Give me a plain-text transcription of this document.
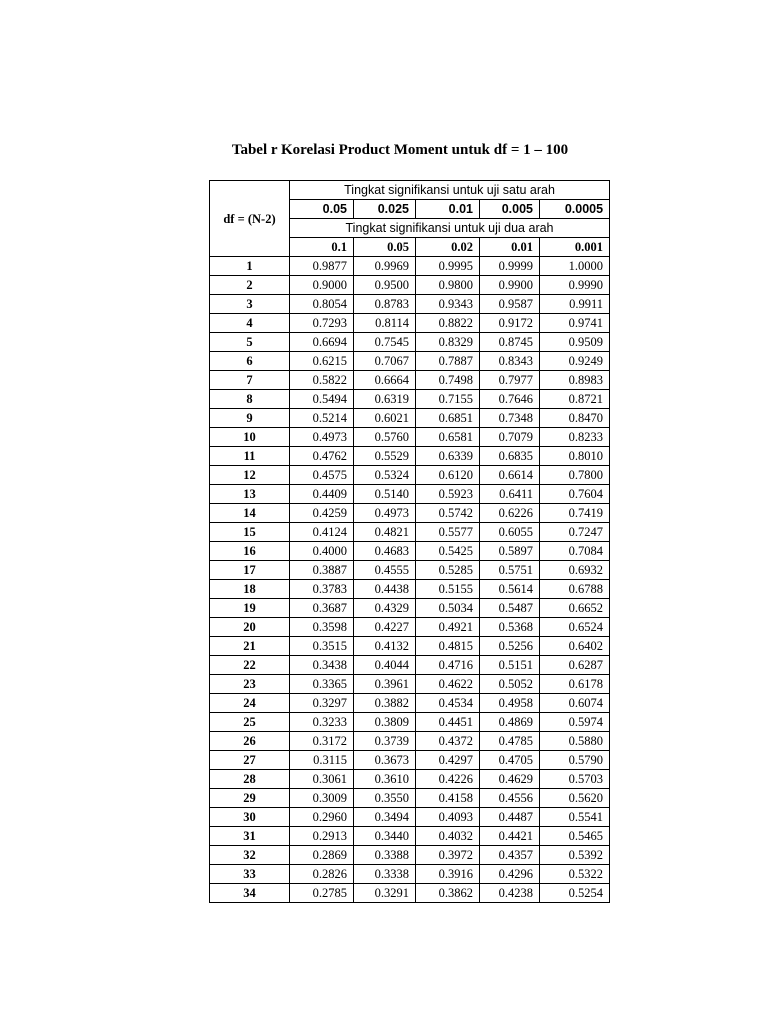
Tabel r Korelasi Product Moment untuk df = 1 – 100
df = (N-2)	Tingkat signifikansi untuk uji satu arah				
	0.05	0.025	0.01	0.005	0.0005
	Tingkat signifikansi untuk uji dua arah				
	0.1	0.05	0.02	0.01	0.001
1	0.9877	0.9969	0.9995	0.9999	1.0000
2	0.9000	0.9500	0.9800	0.9900	0.9990
3	0.8054	0.8783	0.9343	0.9587	0.9911
4	0.7293	0.8114	0.8822	0.9172	0.9741
5	0.6694	0.7545	0.8329	0.8745	0.9509
6	0.6215	0.7067	0.7887	0.8343	0.9249
7	0.5822	0.6664	0.7498	0.7977	0.8983
8	0.5494	0.6319	0.7155	0.7646	0.8721
9	0.5214	0.6021	0.6851	0.7348	0.8470
10	0.4973	0.5760	0.6581	0.7079	0.8233
11	0.4762	0.5529	0.6339	0.6835	0.8010
12	0.4575	0.5324	0.6120	0.6614	0.7800
13	0.4409	0.5140	0.5923	0.6411	0.7604
14	0.4259	0.4973	0.5742	0.6226	0.7419
15	0.4124	0.4821	0.5577	0.6055	0.7247
16	0.4000	0.4683	0.5425	0.5897	0.7084
17	0.3887	0.4555	0.5285	0.5751	0.6932
18	0.3783	0.4438	0.5155	0.5614	0.6788
19	0.3687	0.4329	0.5034	0.5487	0.6652
20	0.3598	0.4227	0.4921	0.5368	0.6524
21	0.3515	0.4132	0.4815	0.5256	0.6402
22	0.3438	0.4044	0.4716	0.5151	0.6287
23	0.3365	0.3961	0.4622	0.5052	0.6178
24	0.3297	0.3882	0.4534	0.4958	0.6074
25	0.3233	0.3809	0.4451	0.4869	0.5974
26	0.3172	0.3739	0.4372	0.4785	0.5880
27	0.3115	0.3673	0.4297	0.4705	0.5790
28	0.3061	0.3610	0.4226	0.4629	0.5703
29	0.3009	0.3550	0.4158	0.4556	0.5620
30	0.2960	0.3494	0.4093	0.4487	0.5541
31	0.2913	0.3440	0.4032	0.4421	0.5465
32	0.2869	0.3388	0.3972	0.4357	0.5392
33	0.2826	0.3338	0.3916	0.4296	0.5322
34	0.2785	0.3291	0.3862	0.4238	0.5254
